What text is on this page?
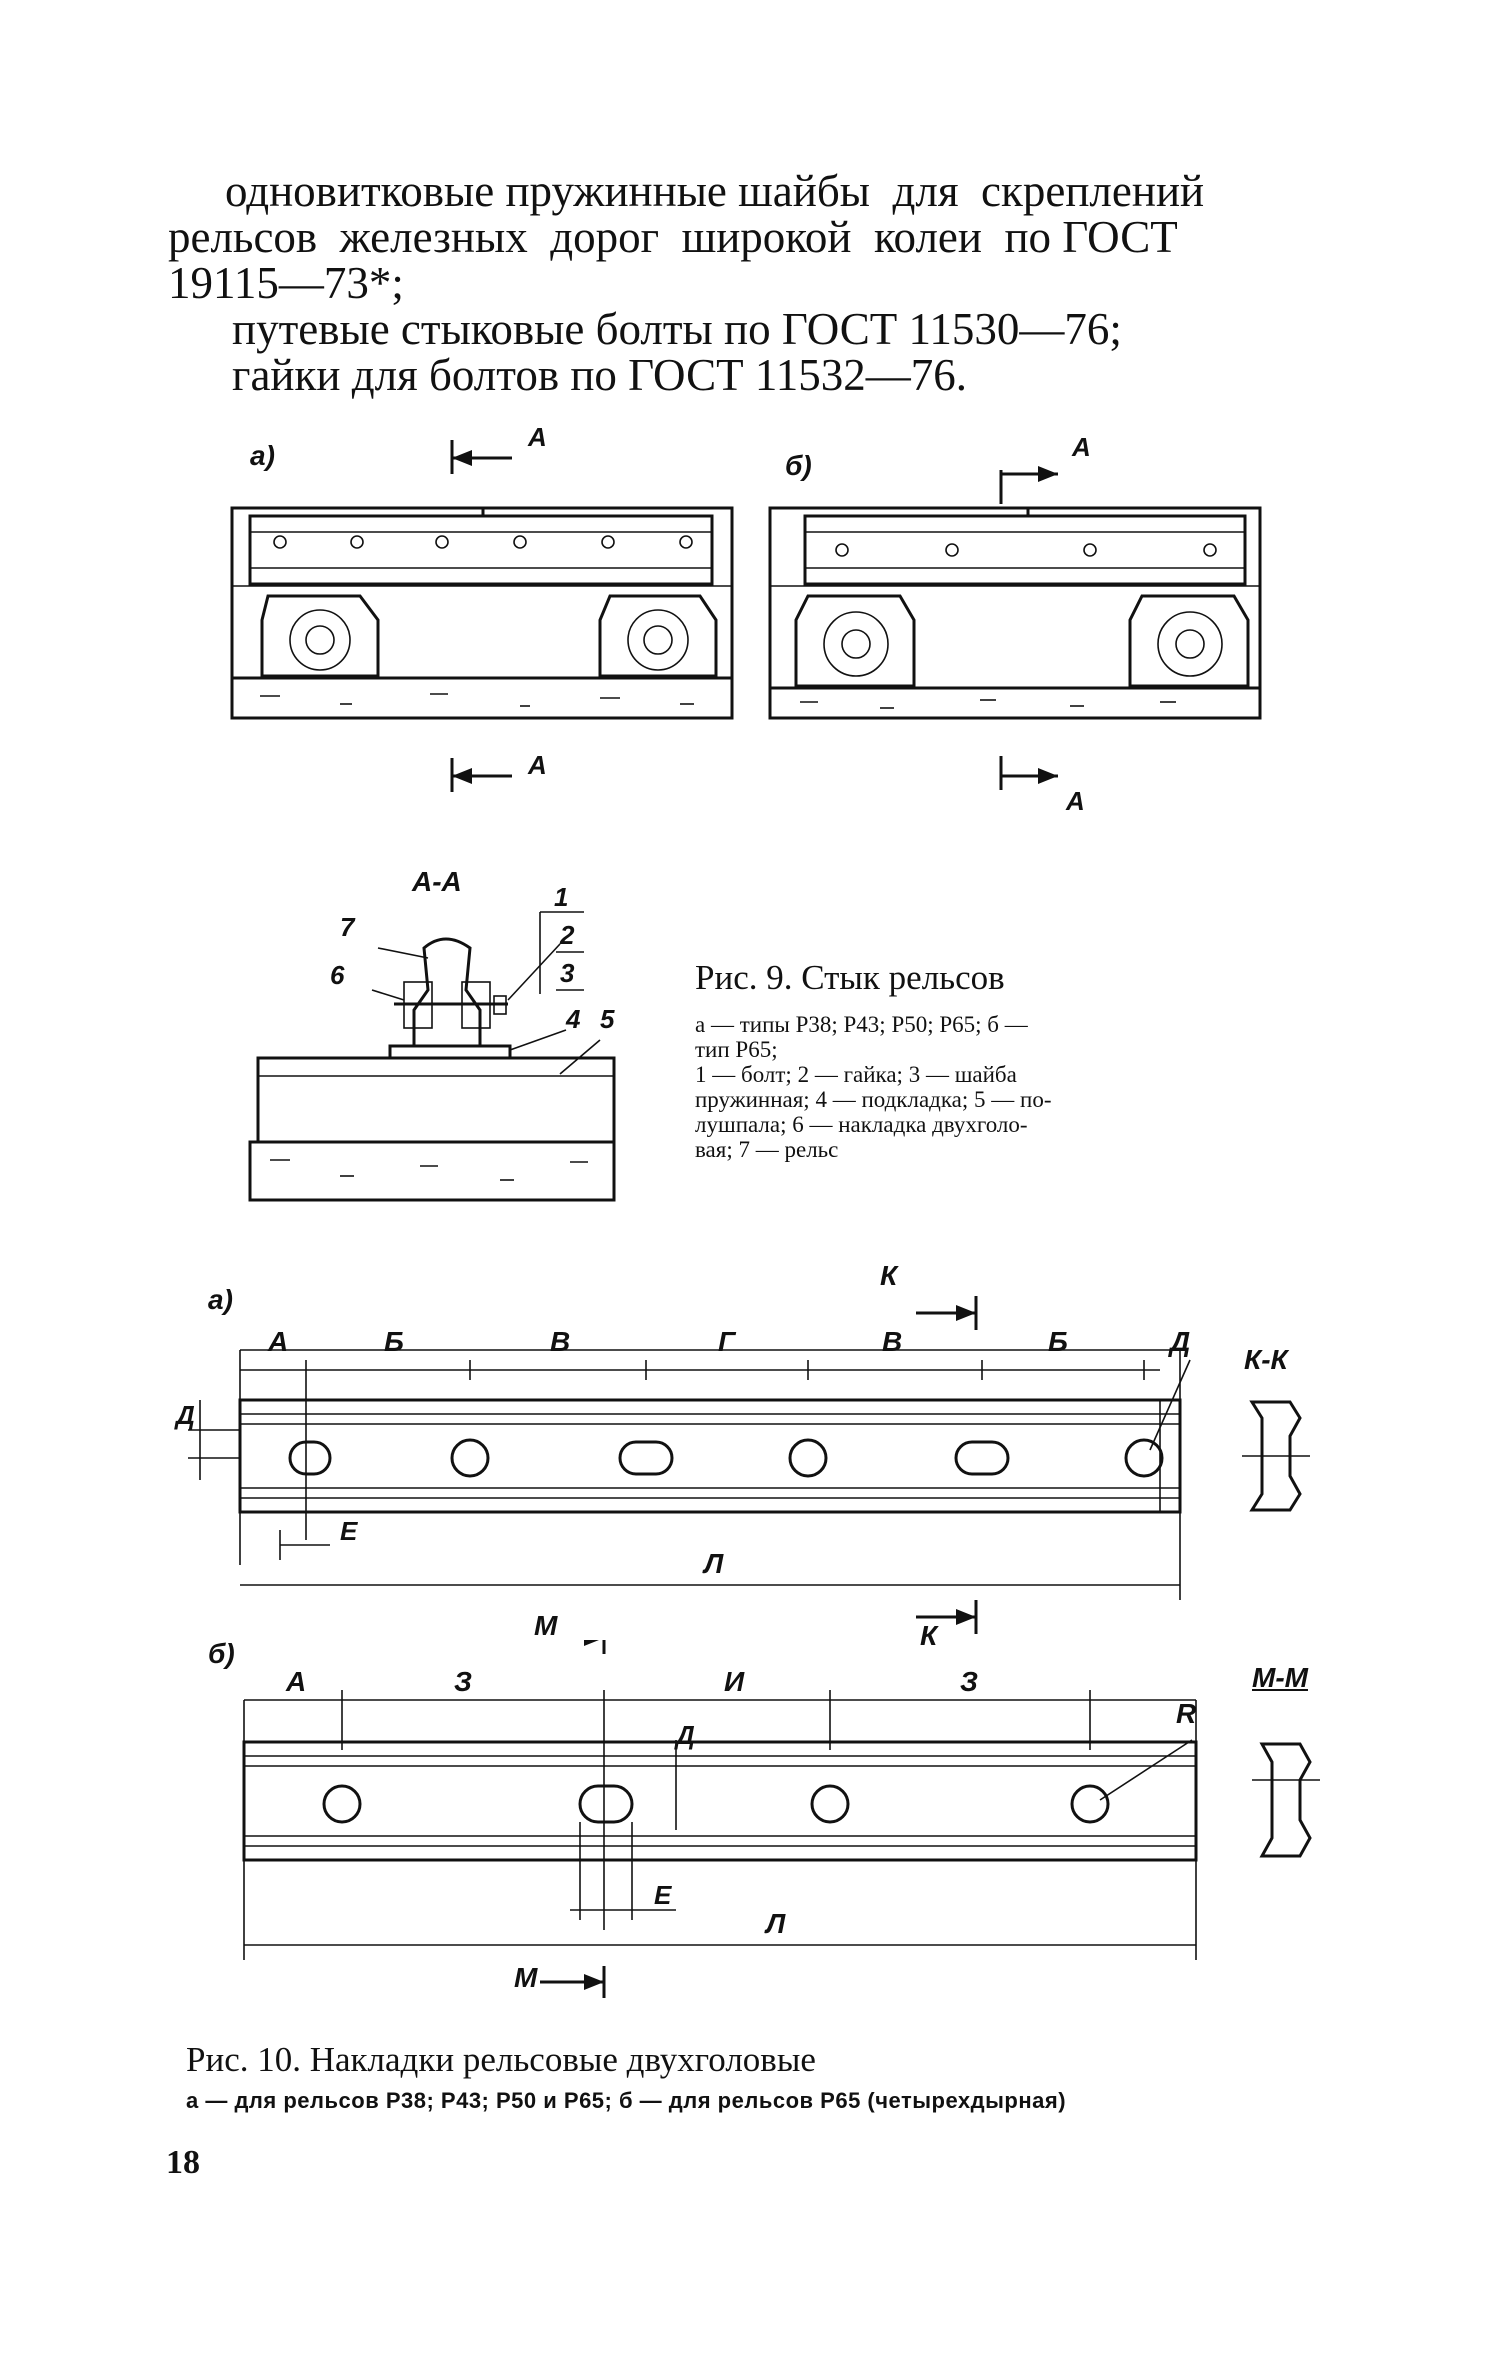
одновитковые пружинные шайбы  для  скреплений
рельсов  железных  дорог  широкой  колеи  по ГОСТ
19115—73*;
путевые стыковые болты по ГОСТ 11530—76;
гайки для болтов по ГОСТ 11532—76.
а)	б)
А
А
А
А
А-А	1
2
3
4 5
6
7
Рис. 9. Стык рельсов
а — типы Р38; Р43; Р50; Р65; б —
тип Р65;
1 — болт; 2 — гайка; 3 — шайба
пружинная; 4 — подкладка; 5 — по-
лушпала; 6 — накладка двухголо-
вая; 7 — рельс
а)
А	Б	В	Г	В	Б	Д
Д
Е
Л
К
К
К-К
б)
А	З	И	З
R
Д
Е
Л
М
М
М-М
Рис. 10. Накладки рельсовые двухголовые
а — для рельсов Р38; Р43; Р50 и Р65; б — для рельсов Р65 (четырехдырная)
18
